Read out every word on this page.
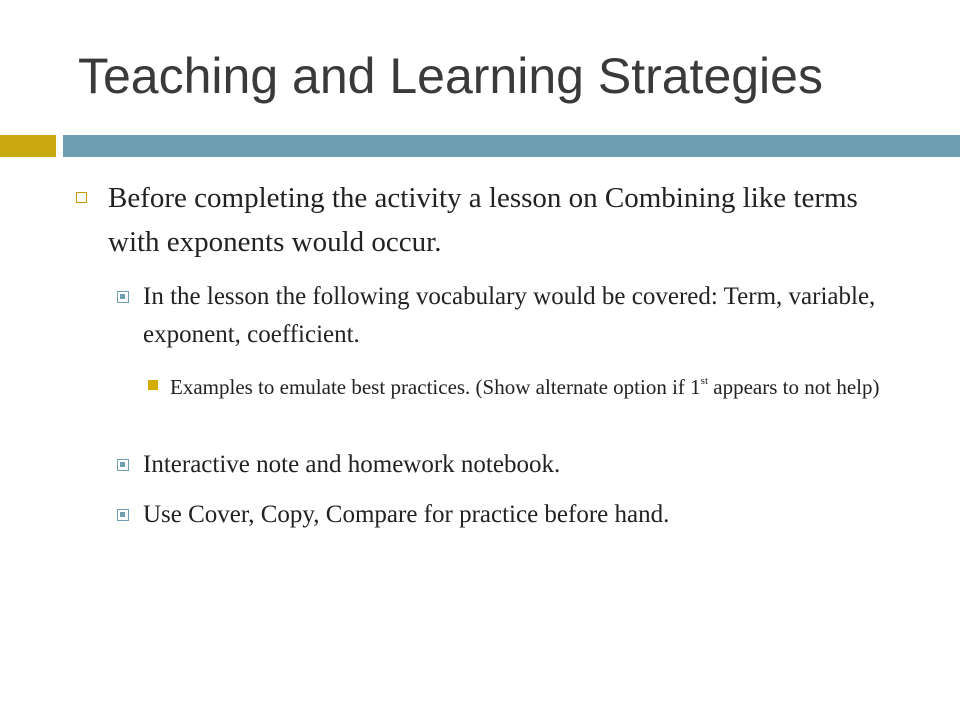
Teaching and Learning Strategies
Before completing the activity a lesson on Combining like terms with exponents would occur.
In the lesson the following vocabulary would be covered: Term, variable, exponent, coefficient.
Examples to emulate best practices. (Show alternate option if 1st appears to not help)
Interactive note and homework notebook.
Use Cover, Copy, Compare for practice before hand.
